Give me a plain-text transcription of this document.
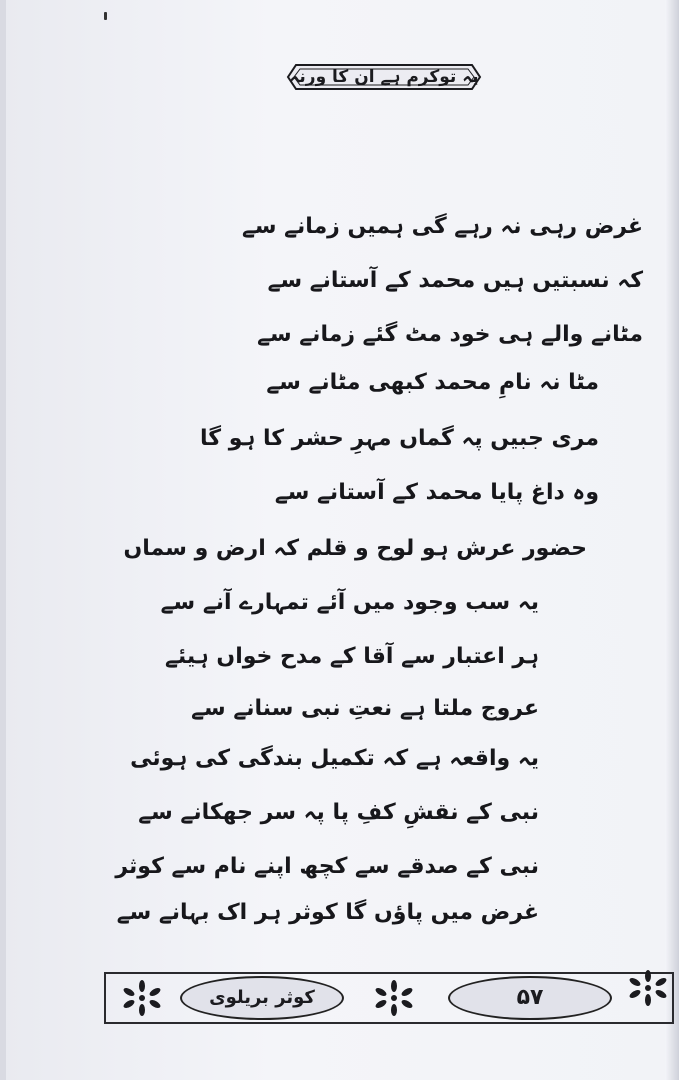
یہ توکرم ہے ان کا ورنہ
غرض رہی نہ رہے گی ہمیں زمانے سے
کہ نسبتیں ہیں محمد کے آستانے سے
مٹانے والے ہی خود مٹ گئے زمانے سے
مٹا نہ نامِ محمد کبھی مٹانے سے
مری جبیں پہ گماں مہرِ حشر کا ہو گا
وہ داغ پایا محمد کے آستانے سے
حضور عرش ہو لوح و قلم کہ ارض و سماں
یہ سب وجود میں آئے تمہارے آنے سے
ہر اعتبار سے آقا کے مدح خواں ہیئے
عروج ملتا ہے نعتِ نبی سنانے سے
یہ واقعہ ہے کہ تکمیل بندگی کی ہوئی
نبی کے نقشِ کفِ پا پہ سر جھکانے سے
نبی کے صدقے سے کچھ اپنے نام سے کوثر
غرض میں پاؤں گا کوثر ہر اک بہانے سے
کوثر بریلوی	۵۷
